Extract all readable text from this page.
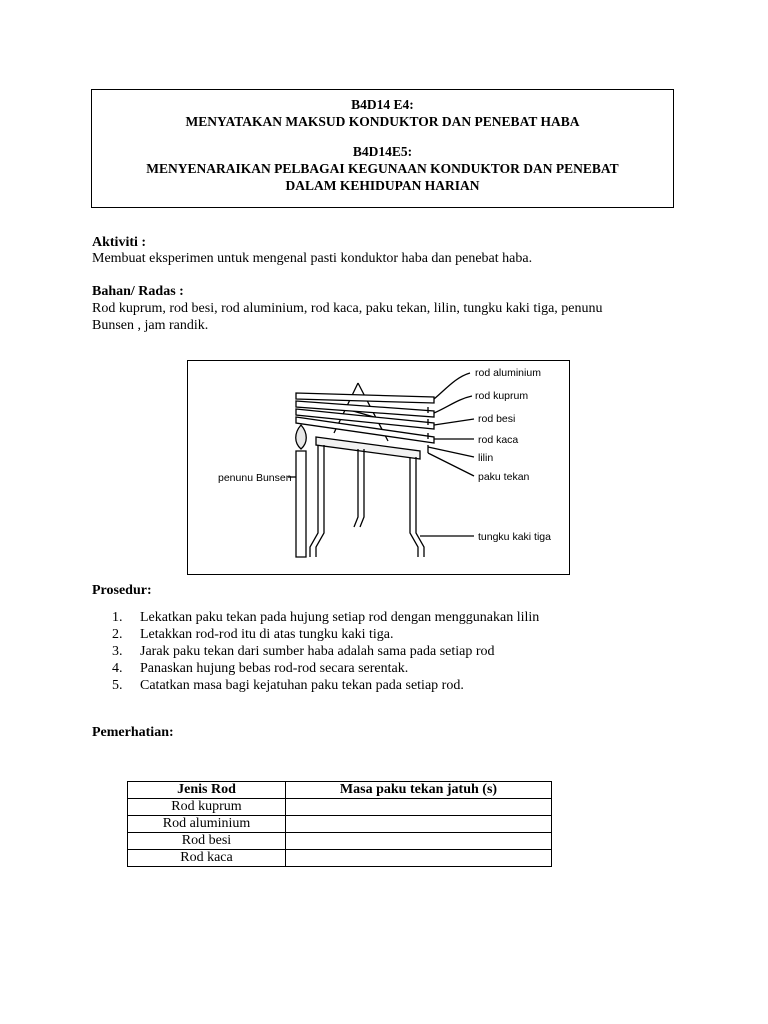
B4D14 E4:
MENYATAKAN MAKSUD KONDUKTOR DAN PENEBAT HABA
B4D14E5:
MENYENARAIKAN PELBAGAI KEGUNAAN KONDUKTOR DAN PENEBAT
DALAM KEHIDUPAN HARIAN
Aktiviti :
Membuat eksperimen untuk mengenal pasti konduktor haba dan penebat haba.
Bahan/ Radas :
Rod kuprum, rod besi, rod aluminium, rod kaca, paku tekan, lilin, tungku kaki tiga, penunu
Bunsen , jam randik.
rod aluminium
rod kuprum
rod besi
rod kaca
lilin
paku tekan
penunu Bunsen
tungku kaki tiga
Prosedur:
1. Lekatkan paku tekan pada hujung setiap rod dengan menggunakan lilin
2. Letakkan rod-rod itu di atas tungku kaki tiga.
3. Jarak paku tekan dari sumber haba adalah sama pada setiap rod
4. Panaskan hujung bebas rod-rod secara serentak.
5. Catatkan masa bagi kejatuhan paku tekan pada setiap rod.
Pemerhatian:
Jenis Rod	Masa paku tekan jatuh (s)
Rod kuprum	
Rod aluminium	
Rod besi	
Rod kaca	
